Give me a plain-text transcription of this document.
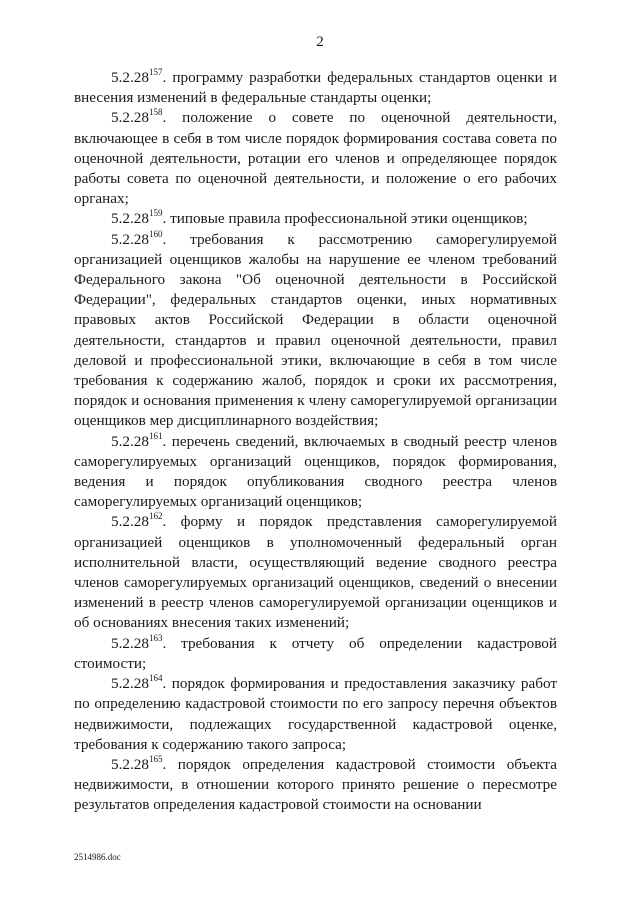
2

5.2.28$^{157}$. программу разработки федеральных стандартов оценки и внесения изменений в федеральные стандарты оценки;

5.2.28$^{158}$. положение о совете по оценочной деятельности, включающее в себя в том числе порядок формирования состава совета по оценочной деятельности, ротации его членов и определяющее порядок работы совета по оценочной деятельности, и положение о его рабочих органах;

5.2.28$^{159}$. типовые правила профессиональной этики оценщиков;

5.2.28$^{160}$. требования к рассмотрению саморегулируемой организацией оценщиков жалобы на нарушение ее членом требований Федерального закона "Об оценочной деятельности в Российской Федерации", федеральных стандартов оценки, иных нормативных правовых актов Российской Федерации в области оценочной деятельности, стандартов и правил оценочной деятельности, правил деловой и профессиональной этики, включающие в себя в том числе требования к содержанию жалоб, порядок и сроки их рассмотрения, порядок и основания применения к члену саморегулируемой организации оценщиков мер дисциплинарного воздействия;

5.2.28$^{161}$. перечень сведений, включаемых в сводный реестр членов саморегулируемых организаций оценщиков, порядок формирования, ведения и порядок опубликования сводного реестра членов саморегулируемых организаций оценщиков;

5.2.28$^{162}$. форму и порядок представления саморегулируемой организацией оценщиков в уполномоченный федеральный орган исполнительной власти, осуществляющий ведение сводного реестра членов саморегулируемых организаций оценщиков, сведений о внесении изменений в реестр членов саморегулируемой организации оценщиков и об основаниях внесения таких изменений;

5.2.28$^{163}$. требования к отчету об определении кадастровой стоимости;

5.2.28$^{164}$. порядок формирования и предоставления заказчику работ по определению кадастровой стоимости по его запросу перечня объектов недвижимости, подлежащих государственной кадастровой оценке, требования к содержанию такого запроса;

5.2.28$^{165}$. порядок определения кадастровой стоимости объекта недвижимости, в отношении которого принято решение о пересмотре результатов определения кадастровой стоимости на основании

2514986.doc
